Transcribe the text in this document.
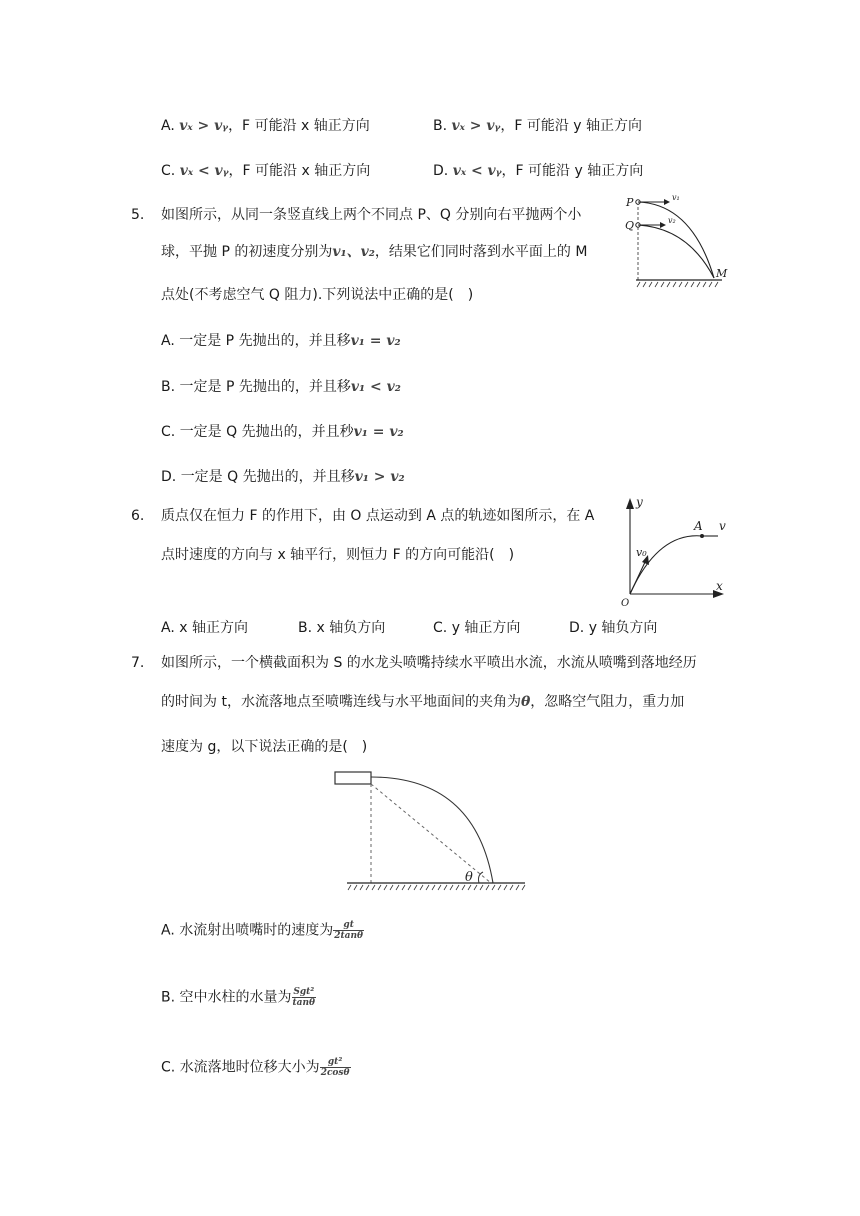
A. vₓ > vᵧ，F 可能沿 x 轴正方向	B. vₓ > vᵧ，F 可能沿 y 轴正方向
C. vₓ < vᵧ，F 可能沿 x 轴正方向	D. vₓ < vᵧ，F 可能沿 y 轴正方向
5. 如图所示，从同一条竖直线上两个不同点 P、Q 分别向右平抛两个小
球，平抛 P 的初速度分别为v₁、v₂，结果它们同时落到水平面上的 M
点处(不考虑空气 Q 阻力).下列说法中正确的是(　)
P
Q
v₁
v₂
M
A. 一定是 P 先抛出的，并且移v₁ = v₂
B. 一定是 P 先抛出的，并且移v₁ < v₂
C. 一定是 Q 先抛出的，并且秒v₁ = v₂
D. 一定是 Q 先抛出的，并且移v₁ > v₂
6. 质点仅在恒力 F 的作用下，由 O 点运动到 A 点的轨迹如图所示，在 A
点时速度的方向与 x 轴平行，则恒力 F 的方向可能沿(　)
y
x
O
A v
v₀
A. x 轴正方向	B. x 轴负方向	C. y 轴正方向	D. y 轴负方向
7. 如图所示，一个横截面积为 S 的水龙头喷嘴持续水平喷出水流，水流从喷嘴到落地经历
的时间为 t，水流落地点至喷嘴连线与水平地面间的夹角为θ，忽略空气阻力，重力加
速度为 g，以下说法正确的是(　)
θ
A. 水流射出喷嘴时的速度为 $\frac{gt}{2\tan\theta}$
B. 空中水柱的水量为 $\frac{\text{Sgt²}}{\tan\theta}$
C. 水流落地时位移大小为 $\frac{\text{gt²}}{2\cos\theta}$
